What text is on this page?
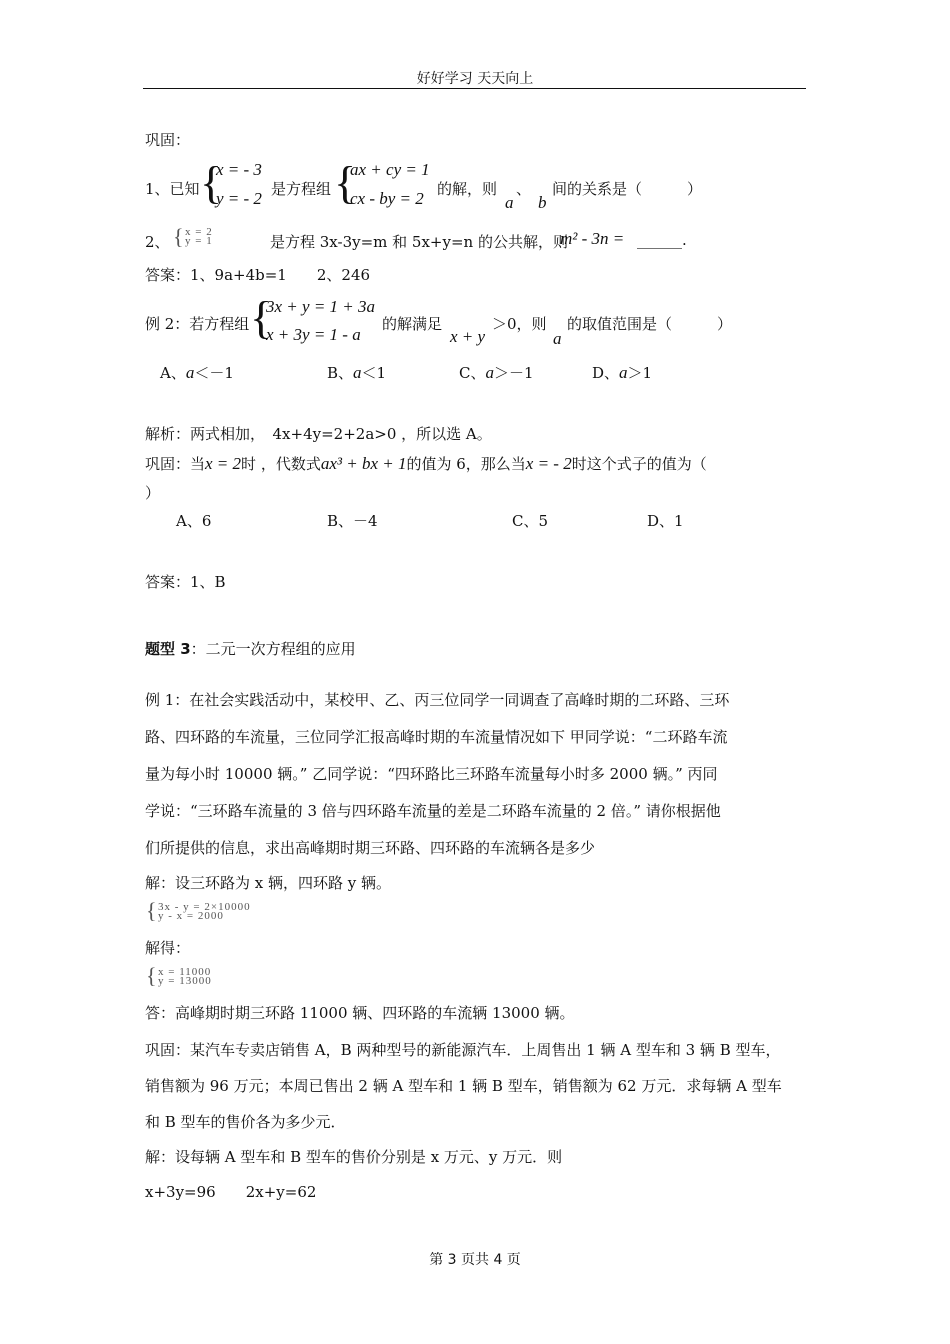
好好学习 天天向上
巩固：
1、已知 {
x = - 3
y = - 2 是方程组 {
ax + cy = 1
cx - by = 2 的解，则
a
、
b
间的关系是（　　　）
2、 { x = 2
y = 1	是方程 3x-3y=m 和 5x+y=n 的公共解，则
m² - 3n = ______.
答案：1、9a+4b=1　　2、246
例 2：若方程组 {
3x + y = 1 + 3a
x + 3y = 1 - a
的解满足
x + y
＞0，则
a
的取值范围是（　　　）
A、a＜－1	B、a＜1	C、a＞－1	D、a＞1
解析：两式相加，　4x+4y=2+2a>0 ，所以选 A。
巩固：当x = 2时 ，代数式ax³ + bx + 1的值为 6，那么当x = - 2时这个式子的值为（
）
A、6	B、－4	C、5	D、1
答案：1、B
题型 3：二元一次方程组的应用
例 1：在社会实践活动中，某校甲、乙、丙三位同学一同调查了高峰时期的二环路、三环
路、四环路的车流量，三位同学汇报高峰时期的车流量情况如下 甲同学说：“二环路车流
量为每小时 10000 辆。” 乙同学说：“四环路比三环路车流量每小时多 2000 辆。” 丙同
学说：“三环路车流量的 3 倍与四环路车流量的差是二环路车流量的 2 倍。” 请你根据他
们所提供的信息，求出高峰期时期三环路、四环路的车流辆各是多少
解：设三环路为 x 辆，四环路 y 辆。
{ 3x - y = 2×10000
y - x = 2000
解得：
{ x = 11000
y = 13000
答：高峰期时期三环路 11000 辆、四环路的车流辆 13000 辆。
巩固：某汽车专卖店销售 A，B 两种型号的新能源汽车．上周售出 1 辆 A 型车和 3 辆 B 型车，
销售额为 96 万元；本周已售出 2 辆 A 型车和 1 辆 B 型车，销售额为 62 万元．求每辆 A 型车
和 B 型车的售价各为多少元．
解：设每辆 A 型车和 B 型车的售价分别是 x 万元、y 万元．则
x+3y=96　　2x+y=62
第 3 页共 4 页
